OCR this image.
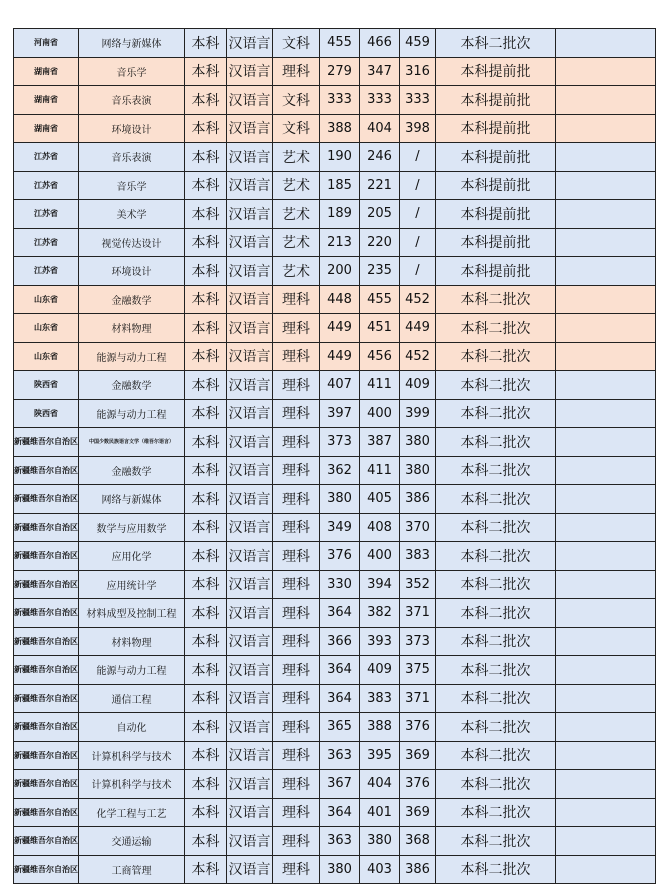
河南省	网络与新媒体	本科	汉语言	文科	455	466	459	本科二批次	
湖南省	音乐学	本科	汉语言	理科	279	347	316	本科提前批	
湖南省	音乐表演	本科	汉语言	文科	333	333	333	本科提前批	
湖南省	环境设计	本科	汉语言	文科	388	404	398	本科提前批	
江苏省	音乐表演	本科	汉语言	艺术	190	246	/	本科提前批	
江苏省	音乐学	本科	汉语言	艺术	185	221	/	本科提前批	
江苏省	美术学	本科	汉语言	艺术	189	205	/	本科提前批	
江苏省	视觉传达设计	本科	汉语言	艺术	213	220	/	本科提前批	
江苏省	环境设计	本科	汉语言	艺术	200	235	/	本科提前批	
山东省	金融数学	本科	汉语言	理科	448	455	452	本科二批次	
山东省	材料物理	本科	汉语言	理科	449	451	449	本科二批次	
山东省	能源与动力工程	本科	汉语言	理科	449	456	452	本科二批次	
陕西省	金融数学	本科	汉语言	理科	407	411	409	本科二批次	
陕西省	能源与动力工程	本科	汉语言	理科	397	400	399	本科二批次	
新疆维吾尔自治区	中国少数民族语言文学（维吾尔语言）	本科	汉语言	理科	373	387	380	本科二批次	
新疆维吾尔自治区	金融数学	本科	汉语言	理科	362	411	380	本科二批次	
新疆维吾尔自治区	网络与新媒体	本科	汉语言	理科	380	405	386	本科二批次	
新疆维吾尔自治区	数学与应用数学	本科	汉语言	理科	349	408	370	本科二批次	
新疆维吾尔自治区	应用化学	本科	汉语言	理科	376	400	383	本科二批次	
新疆维吾尔自治区	应用统计学	本科	汉语言	理科	330	394	352	本科二批次	
新疆维吾尔自治区	材料成型及控制工程	本科	汉语言	理科	364	382	371	本科二批次	
新疆维吾尔自治区	材料物理	本科	汉语言	理科	366	393	373	本科二批次	
新疆维吾尔自治区	能源与动力工程	本科	汉语言	理科	364	409	375	本科二批次	
新疆维吾尔自治区	通信工程	本科	汉语言	理科	364	383	371	本科二批次	
新疆维吾尔自治区	自动化	本科	汉语言	理科	365	388	376	本科二批次	
新疆维吾尔自治区	计算机科学与技术	本科	汉语言	理科	363	395	369	本科二批次	
新疆维吾尔自治区	计算机科学与技术	本科	汉语言	理科	367	404	376	本科二批次	
新疆维吾尔自治区	化学工程与工艺	本科	汉语言	理科	364	401	369	本科二批次	
新疆维吾尔自治区	交通运输	本科	汉语言	理科	363	380	368	本科二批次	
新疆维吾尔自治区	工商管理	本科	汉语言	理科	380	403	386	本科二批次	
